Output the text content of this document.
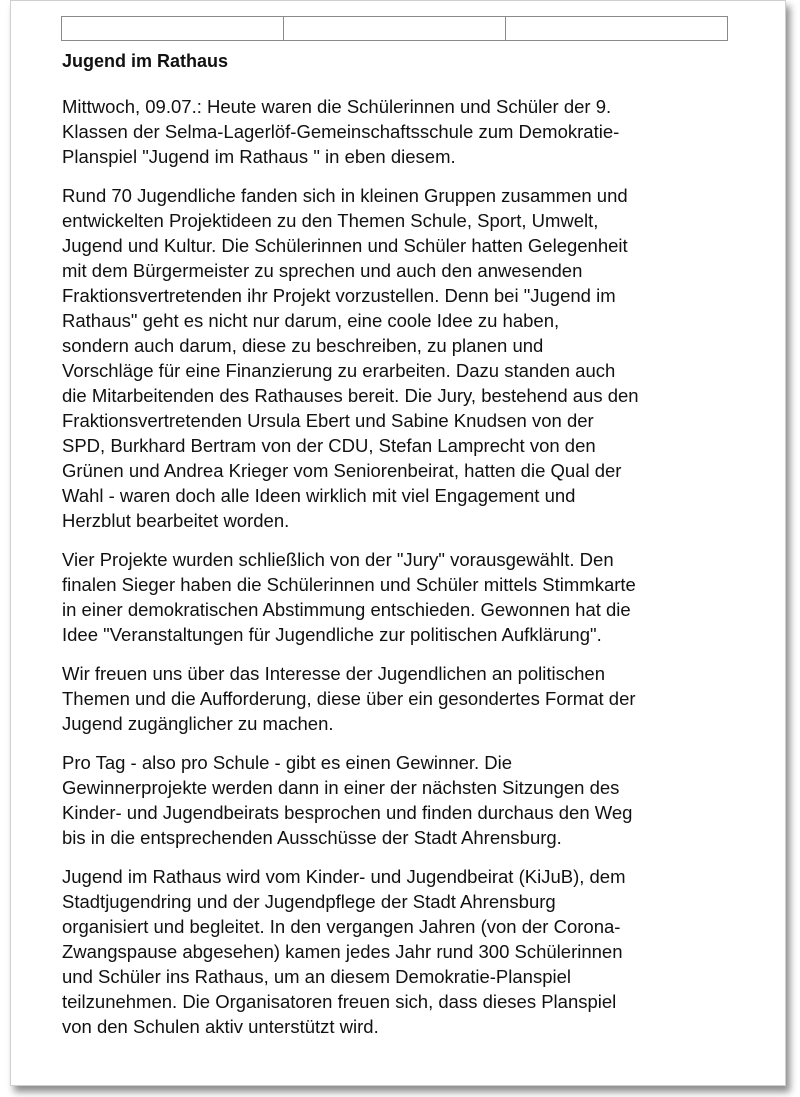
Jugend im Rathaus

Mittwoch, 09.07.: Heute waren die Schülerinnen und Schüler der 9.
Klassen der Selma-Lagerlöf-Gemeinschaftsschule zum Demokratie-
Planspiel "Jugend im Rathaus " in eben diesem.

Rund 70 Jugendliche fanden sich in kleinen Gruppen zusammen und
entwickelten Projektideen zu den Themen Schule, Sport, Umwelt,
Jugend und Kultur. Die Schülerinnen und Schüler hatten Gelegenheit
mit dem Bürgermeister zu sprechen und auch den anwesenden
Fraktionsvertretenden ihr Projekt vorzustellen. Denn bei "Jugend im
Rathaus" geht es nicht nur darum, eine coole Idee zu haben,
sondern auch darum, diese zu beschreiben, zu planen und
Vorschläge für eine Finanzierung zu erarbeiten. Dazu standen auch
die Mitarbeitenden des Rathauses bereit. Die Jury, bestehend aus den
Fraktionsvertretenden Ursula Ebert und Sabine Knudsen von der
SPD, Burkhard Bertram von der CDU, Stefan Lamprecht von den
Grünen und Andrea Krieger vom Seniorenbeirat, hatten die Qual der
Wahl - waren doch alle Ideen wirklich mit viel Engagement und
Herzblut bearbeitet worden.

Vier Projekte wurden schließlich von der "Jury" vorausgewählt. Den
finalen Sieger haben die Schülerinnen und Schüler mittels Stimmkarte
in einer demokratischen Abstimmung entschieden. Gewonnen hat die
Idee "Veranstaltungen für Jugendliche zur politischen Aufklärung".

Wir freuen uns über das Interesse der Jugendlichen an politischen
Themen und die Aufforderung, diese über ein gesondertes Format der
Jugend zugänglicher zu machen.

Pro Tag - also pro Schule - gibt es einen Gewinner. Die
Gewinnerprojekte werden dann in einer der nächsten Sitzungen des
Kinder- und Jugendbeirats besprochen und finden durchaus den Weg
bis in die entsprechenden Ausschüsse der Stadt Ahrensburg.

Jugend im Rathaus wird vom Kinder- und Jugendbeirat (KiJuB), dem
Stadtjugendring und der Jugendpflege der Stadt Ahrensburg
organisiert und begleitet. In den vergangen Jahren (von der Corona-
Zwangspause abgesehen) kamen jedes Jahr rund 300 Schülerinnen
und Schüler ins Rathaus, um an diesem Demokratie-Planspiel
teilzunehmen. Die Organisatoren freuen sich, dass dieses Planspiel
von den Schulen aktiv unterstützt wird.
